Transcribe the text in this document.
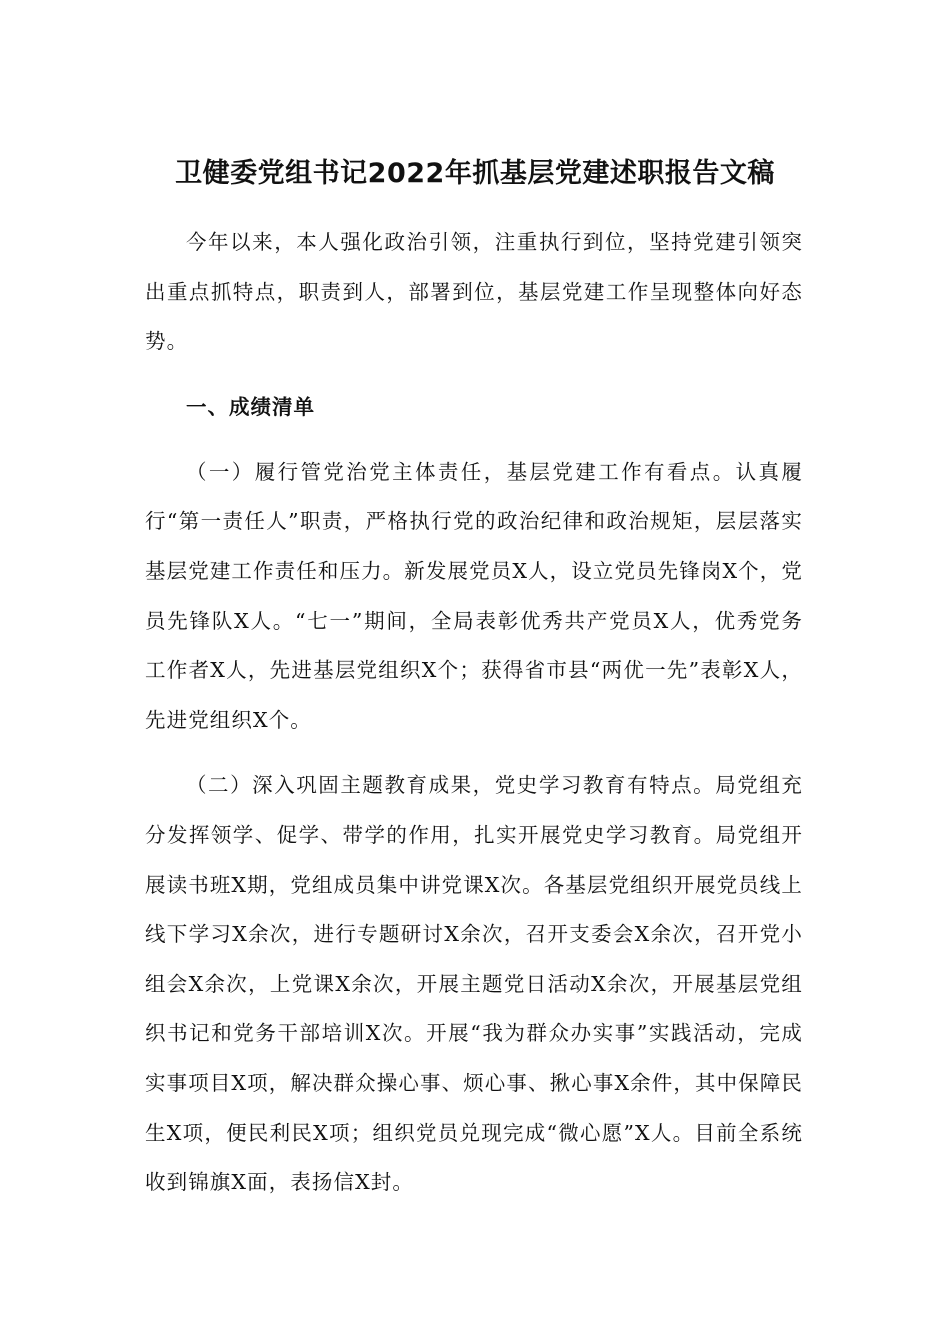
卫健委党组书记2022年抓基层党建述职报告文稿

今年以来，本人强化政治引领，注重执行到位，坚持党建引领突出重点抓特点，职责到人，部署到位，基层党建工作呈现整体向好态势。

一、成绩清单

（一）履行管党治党主体责任，基层党建工作有看点。认真履行“第一责任人”职责，严格执行党的政治纪律和政治规矩，层层落实基层党建工作责任和压力。新发展党员X人，设立党员先锋岗X个，党员先锋队X人。“七一”期间，全局表彰优秀共产党员X人，优秀党务工作者X人，先进基层党组织X个；获得省市县“两优一先”表彰X人，先进党组织X个。

（二）深入巩固主题教育成果，党史学习教育有特点。局党组充分发挥领学、促学、带学的作用，扎实开展党史学习教育。局党组开展读书班X期，党组成员集中讲党课X次。各基层党组织开展党员线上线下学习X余次，进行专题研讨X余次，召开支委会X余次，召开党小组会X余次，上党课X余次，开展主题党日活动X余次，开展基层党组织书记和党务干部培训X次。开展“我为群众办实事”实践活动，完成实事项目X项，解决群众操心事、烦心事、揪心事X余件，其中保障民生X项，便民利民X项；组织党员兑现完成“微心愿”X人。目前全系统收到锦旗X面，表扬信X封。
